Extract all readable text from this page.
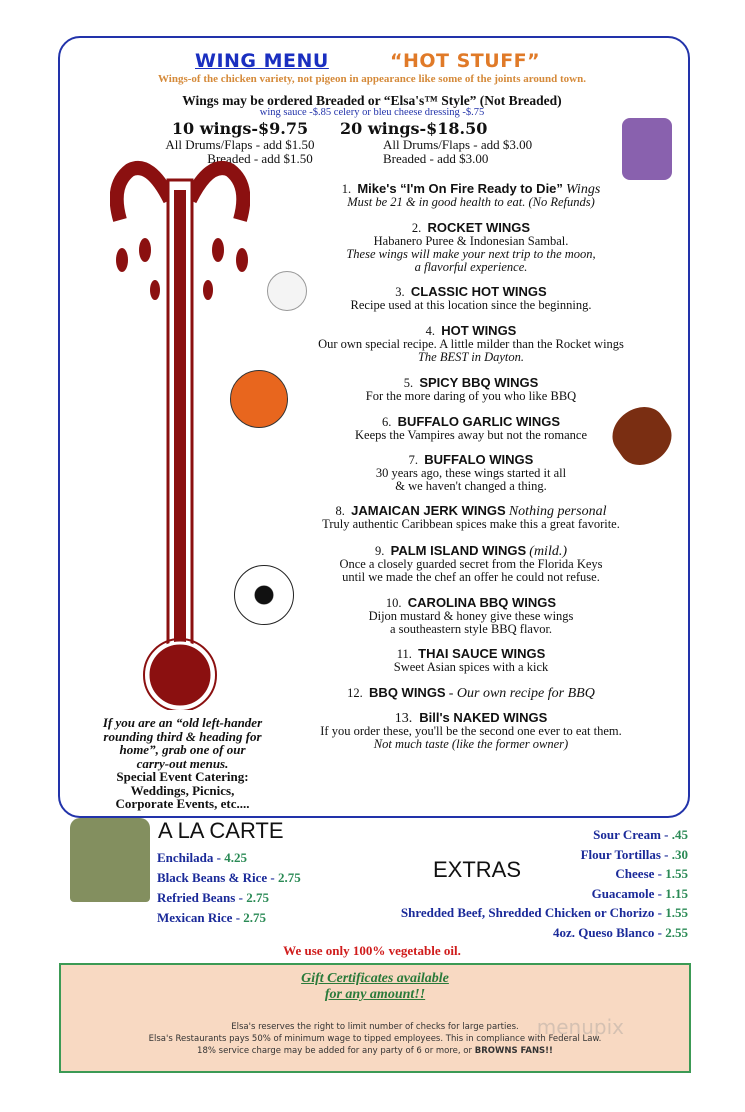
WING MENU	“HOT STUFF”
Wings-of the chicken variety, not pigeon in appearance like some of the joints around town.
Wings may be ordered Breaded or “Elsa's™ Style” (Not Breaded)
wing sauce -$.85 celery or bleu cheese dressing -$.75
10 wings-$9.75
All Drums/Flaps - add $1.50
Breaded - add $1.50
20 wings-$18.50
All Drums/Flaps - add $3.00
Breaded - add $3.00
1. Mike's “I'm On Fire Ready to Die” Wings
Must be 21 & in good health to eat. (No Refunds)
2. ROCKET WINGS
Habanero Puree & Indonesian Sambal.
These wings will make your next trip to the moon,
a flavorful experience.
3. CLASSIC HOT WINGS
Recipe used at this location since the beginning.
4. HOT WINGS
Our own special recipe. A little milder than the Rocket wings
The BEST in Dayton.
5. SPICY BBQ WINGS
For the more daring of you who like BBQ
6. BUFFALO GARLIC WINGS
Keeps the Vampires away but not the romance
7. BUFFALO WINGS
30 years ago, these wings started it all
& we haven't changed a thing.
8. JAMAICAN JERK WINGS Nothing personal
Truly authentic Caribbean spices make this a great favorite.
9. PALM ISLAND WINGS (mild.)
Once a closely guarded secret from the Florida Keys
until we made the chef an offer he could not refuse.
10. CAROLINA BBQ WINGS
Dijon mustard & honey give these wings
a southeastern style BBQ flavor.
11. THAI SAUCE WINGS
Sweet Asian spices with a kick
12. BBQ WINGS - Our own recipe for BBQ
13. Bill's NAKED WINGS
If you order these, you'll be the second one ever to eat them.
Not much taste (like the former owner)
If you are an “old left-hander
rounding third & heading for
home”, grab one of our
carry-out menus.
Special Event Catering:
Weddings, Picnics,
Corporate Events, etc....
A LA CARTE
Enchilada - 4.25
Black Beans & Rice - 2.75
Refried Beans - 2.75
Mexican Rice - 2.75
EXTRAS
Sour Cream - .45
Flour Tortillas - .30
Cheese - 1.55
Guacamole - 1.15
Shredded Beef, Shredded Chicken or Chorizo - 1.55
4oz. Queso Blanco - 2.55
We use only 100% vegetable oil.
Gift Certificates available
for any amount!!
Elsa's reserves the right to limit number of checks for large parties.
Elsa's Restaurants pays 50% of minimum wage to tipped employees. This in compliance with Federal Law.
18% service charge may be added for any party of 6 or more, or BROWNS FANS!!
menupix
